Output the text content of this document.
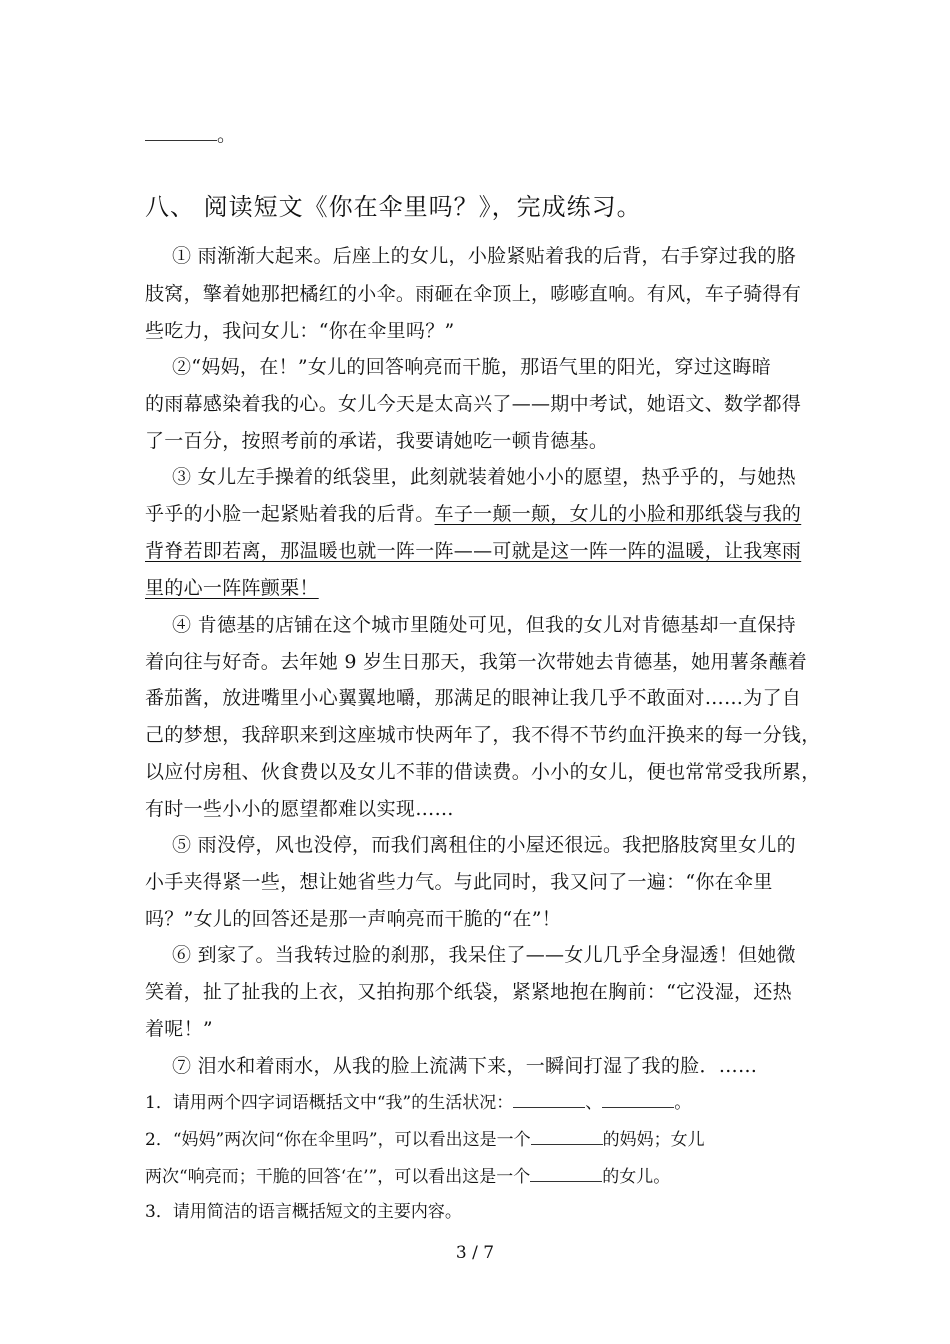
。
八、 阅读短文《你在伞里吗？》，完成练习。
① 雨渐渐大起来。后座上的女儿，小脸紧贴着我的后背，右手穿过我的胳
肢窝，擎着她那把橘红的小伞。雨砸在伞顶上，嘭嘭直响。有风，车子骑得有
些吃力，我问女儿：“你在伞里吗？”
②“妈妈，在！”女儿的回答响亮而干脆，那语气里的阳光，穿过这晦暗
的雨幕感染着我的心。女儿今天是太高兴了——期中考试，她语文、数学都得
了一百分，按照考前的承诺，我要请她吃一顿肯德基。
③ 女儿左手操着的纸袋里，此刻就装着她小小的愿望，热乎乎的，与她热
乎乎的小脸一起紧贴着我的后背。车子一颠一颠，女儿的小脸和那纸袋与我的
背脊若即若离，那温暖也就一阵一阵——可就是这一阵一阵的温暖，让我寒雨
里的心一阵阵颤栗！
④ 肯德基的店铺在这个城市里随处可见，但我的女儿对肯德基却一直保持
着向往与好奇。去年她 9 岁生日那天，我第一次带她去肯德基，她用薯条蘸着
番茄酱，放进嘴里小心翼翼地嚼，那满足的眼神让我几乎不敢面对……为了自
己的梦想，我辞职来到这座城市快两年了，我不得不节约血汗换来的每一分钱，
以应付房租、伙食费以及女儿不菲的借读费。小小的女儿，便也常常受我所累，
有时一些小小的愿望都难以实现……
⑤ 雨没停，风也没停，而我们离租住的小屋还很远。我把胳肢窝里女儿的
小手夹得紧一些，想让她省些力气。与此同时，我又问了一遍：“你在伞里
吗？”女儿的回答还是那一声响亮而干脆的“在”！
⑥ 到家了。当我转过脸的刹那，我呆住了——女儿几乎全身湿透！但她微
笑着，扯了扯我的上衣，又拍拘那个纸袋，紧紧地抱在胸前：“它没湿，还热
着呢！”
⑦ 泪水和着雨水，从我的脸上流满下来，一瞬间打湿了我的脸．……
1．请用两个四字词语概括文中“我”的生活状况：	、	。
2．“妈妈”两次问“你在伞里吗”，可以看出这是一个	的妈妈；女儿
两次“响亮而；干脆的回答‘在’”，可以看出这是一个	的女儿。
3．请用简洁的语言概括短文的主要内容。
3 / 7
